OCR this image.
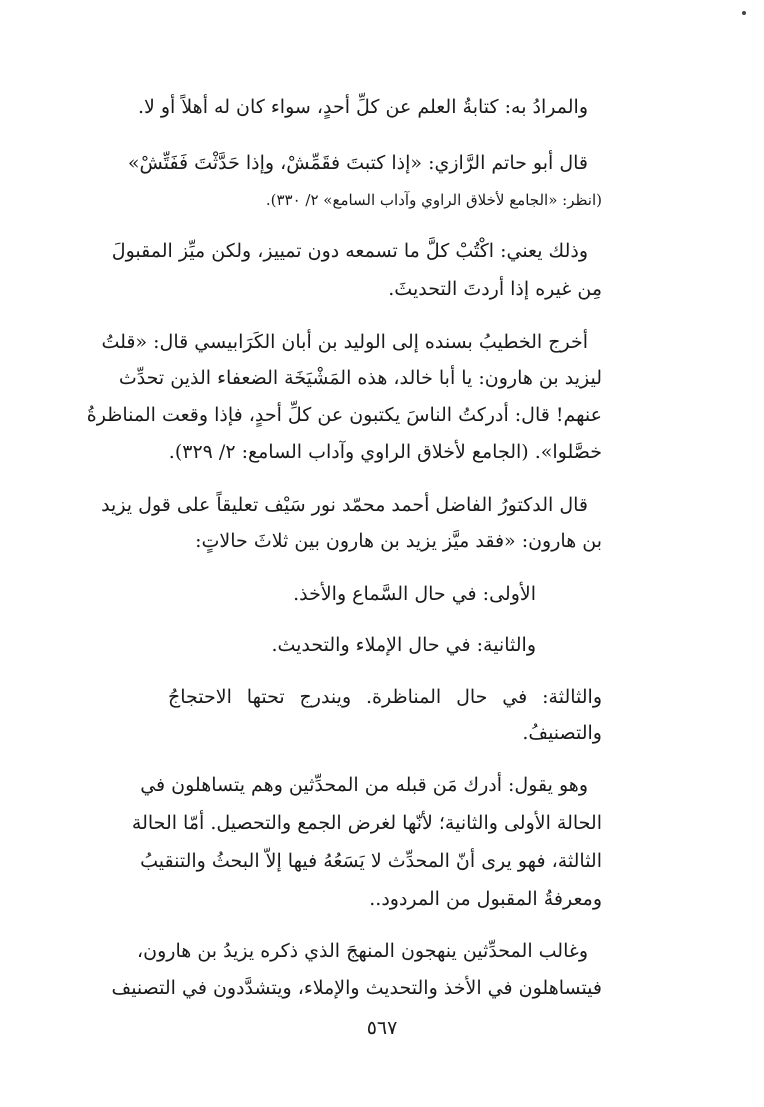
والمرادُ به: كتابةُ العلم عن كلِّ أحدٍ، سواء كان له أهلاً أو لا.
قال أبو حاتم الرَّازي: «إذا كتبتَ فقَمِّشْ، وإذا حَدَّثْتَ فَفَتِّشْ»
(انظر: «الجامع لأخلاق الراوي وآداب السامع» ٢/ ٣٣٠).
وذلك يعني: اكْتُبْ كلَّ ما تسمعه دون تمييز، ولكن ميِّز المقبولَ
مِن غيره إذا أردتَ التحديثَ.
أخرج الخطيبُ بسنده إلى الوليد بن أبان الكَرَابيسي قال: «قلتُ
ليزيد بن هارون: يا أبا خالد، هذه المَشْيَخَة الضعفاء الذين تحدِّث
عنهم! قال: أدركتُ الناسَ يكتبون عن كلِّ أحدٍ، فإذا وقعت المناظرةُ
خصَّلوا». (الجامع لأخلاق الراوي وآداب السامع: ٢/ ٣٢٩).
قال الدكتورُ الفاضل أحمد محمّد نور سَيْف تعليقاً على قول يزيد
بن هارون: «فقد ميَّز يزيد بن هارون بين ثلاثَ حالاتٍ:
الأولى: في حال السَّماع والأخذ.
والثانية: في حال الإملاء والتحديث.
والثالثة: في حال المناظرة. ويندرج تحتها الاحتجاجُ
والتصنيفُ.
وهو يقول: أدرك مَن قبله من المحدِّثين وهم يتساهلون في
الحالة الأولى والثانية؛ لأنّها لغرض الجمع والتحصيل. أمّا الحالة
الثالثة، فهو يرى أنّ المحدِّث لا يَسَعُهُ فيها إلاّ البحثُ والتنقيبُ
ومعرفةُ المقبول من المردود..
وغالب المحدِّثين ينهجون المنهجَ الذي ذكره يزيدُ بن هارون،
فيتساهلون في الأخذ والتحديث والإملاء، ويتشدَّدون في التصنيف
٥٦٧
